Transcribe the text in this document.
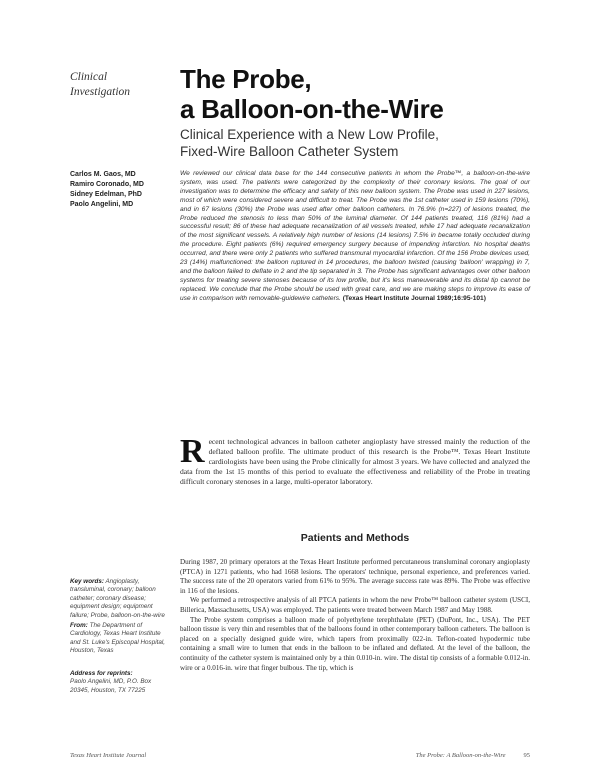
Clinical Investigation	The Probe,
a Balloon-on-the-Wire
Clinical Experience with a New Low Profile,
Fixed-Wire Balloon Catheter System
Carlos M. Gaos, MD
Ramiro Coronado, MD
Sidney Edelman, PhD
Paolo Angelini, MD
We reviewed our clinical data base for the 144 consecutive patients in whom the Probe™, a balloon-on-the-wire system, was used. The patients were categorized by the complexity of their coronary lesions. The goal of our investigation was to determine the efficacy and safety of this new balloon system. The Probe was used in 227 lesions, most of which were considered severe and difficult to treat. The Probe was the 1st catheter used in 159 lesions (70%), and in 67 lesions (30%) the Probe was used after other balloon catheters. In 76.9% (n=227) of lesions treated, the Probe reduced the stenosis to less than 50% of the luminal diameter. Of 144 patients treated, 116 (81%) had a successful result; 86 of these had adequate recanalization of all vessels treated, while 17 had adequate recanalization of the most significant vessels. A relatively high number of lesions (14 lesions) 7.5% in became totally occluded during the procedure. Eight patients (6%) required emergency surgery because of impending infarction. No hospital deaths occurred, and there were only 2 patients who suffered transmural myocardial infarction. Of the 156 Probe devices used, 23 (14%) malfunctioned: the balloon ruptured in 14 procedures, the balloon twisted (causing 'balloon' wrapping) in 7, and the balloon failed to deflate in 2 and the tip separated in 3. The Probe has significant advantages over other balloon systems for treating severe stenoses because of its low profile, but it's less maneuverable and its distal tip cannot be replaced. We conclude that the Probe should be used with great care, and we are making steps to improve its ease of use in comparison with removable-guidewire catheters. (Texas Heart Institute Journal 1989;16:95-101)
Recent technological advances in balloon catheter angioplasty have stressed mainly the reduction of the deflated balloon profile. The ultimate product of this research is the Probe™. Texas Heart Institute cardiologists have been using the Probe clinically for almost 3 years. We have collected and analyzed the data from the 1st 15 months of this period to evaluate the effectiveness and reliability of the Probe in treating difficult coronary stenoses in a large, multi-operator laboratory.
Patients and Methods

During 1987, 20 primary operators at the Texas Heart Institute performed percutaneous transluminal coronary angioplasty (PTCA) in 1271 patients, who had 1668 lesions. The operators' technique, personal experience, and preferences varied. The success rate of the 20 operators varied from 61% to 95%. The average success rate was 89%. The Probe was effective in 116 of the lesions.

We performed a retrospective analysis of all PTCA patients in whom the new Probe™ balloon catheter system (USCI, Billerica, Massachusetts, USA) was employed. The patients were treated between March 1987 and May 1988.

The Probe system comprises a balloon made of polyethylene terephthalate (PET) (DuPont, Inc., USA). The PET balloon tissue is very thin and resembles that of the balloons found in other contemporary balloon catheters. The balloon is placed on a specially designed guide wire, which tapers from proximally 022-in. Teflon-coated hypodermic tube containing a small wire to lumen that ends in the balloon to be inflated and deflated. At the level of the balloon, the continuity of the catheter system is maintained only by a thin 0.010-in. wire. The distal tip consists of a formable 0.012-in. wire or a 0.016-in. wire that finger bulbous. The tip, which is

Key words: Angioplasty, transluminal, coronary; balloon catheter; coronary disease; equipment design; equipment failure; Probe, balloon-on-the-wire
From: The Department of Cardiology, Texas Heart Institute and St. Luke's Episcopal Hospital, Houston, Texas
Address for reprints:
Paolo Angelini, MD, P.O. Box 20345, Houston, TX 77225
Texas Heart Institute Journal	The Probe: A Balloon-on-the-Wire	95
